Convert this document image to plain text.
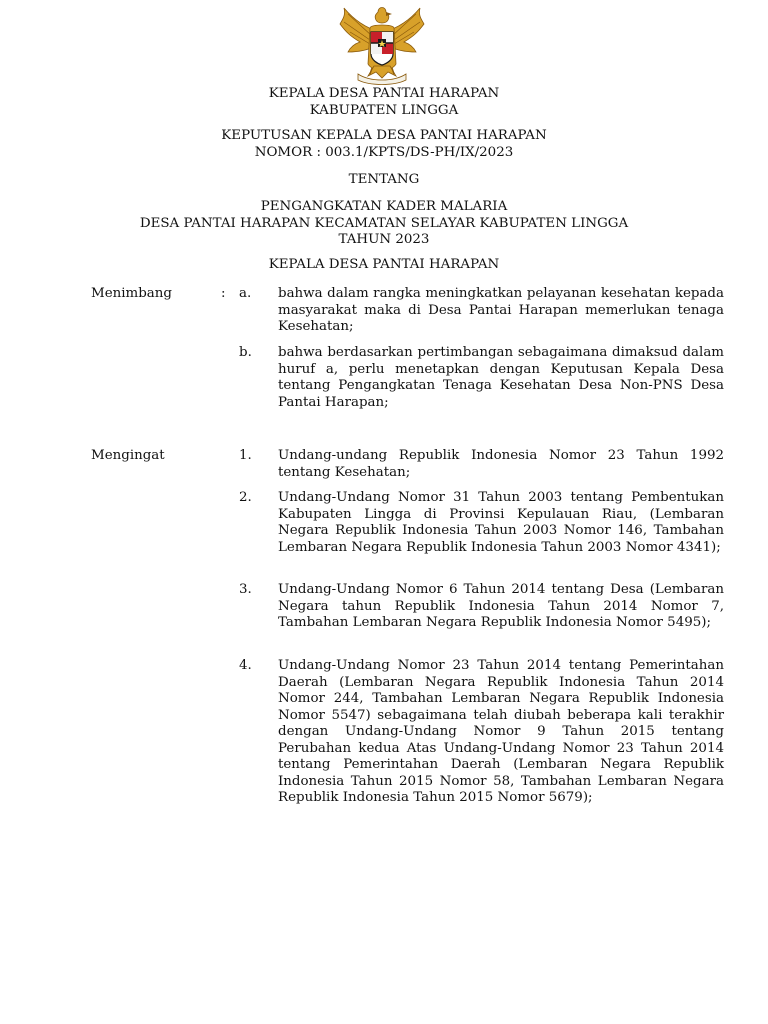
KEPALA DESA PANTAI HARAPAN
KABUPATEN LINGGA
KEPUTUSAN KEPALA DESA PANTAI HARAPAN
NOMOR : 003.1/KPTS/DS-PH/IX/2023
TENTANG
PENGANGKATAN KADER MALARIA
DESA PANTAI HARAPAN KECAMATAN SELAYAR KABUPATEN LINGGA
TAHUN 2023
KEPALA DESA PANTAI HARAPAN
Menimbang	: a. bahwa dalam rangka meningkatkan pelayanan kesehatan kepada masyarakat maka di Desa Pantai Harapan memerlukan tenaga Kesehatan;
b. bahwa berdasarkan pertimbangan sebagaimana dimaksud dalam huruf a, perlu menetapkan dengan Keputusan Kepala Desa tentang Pengangkatan Tenaga Kesehatan Desa Non-PNS Desa Pantai Harapan;
Mengingat	1. Undang-undang Republik Indonesia Nomor 23 Tahun 1992 tentang Kesehatan;
2. Undang-Undang Nomor 31 Tahun 2003 tentang Pembentukan Kabupaten Lingga di Provinsi Kepulauan Riau, (Lembaran Negara Republik Indonesia Tahun 2003 Nomor 146, Tambahan Lembaran Negara Republik Indonesia Tahun 2003 Nomor 4341);
3. Undang-Undang Nomor 6 Tahun 2014 tentang Desa (Lembaran Negara tahun Republik Indonesia Tahun 2014 Nomor 7, Tambahan Lembaran Negara Republik Indonesia Nomor 5495);
4. Undang-Undang Nomor 23 Tahun 2014 tentang Pemerintahan Daerah (Lembaran Negara Republik Indonesia Tahun 2014 Nomor 244, Tambahan Lembaran Negara Republik Indonesia Nomor 5547) sebagaimana telah diubah beberapa kali terakhir dengan Undang-Undang Nomor 9 Tahun 2015 tentang Perubahan kedua Atas Undang-Undang Nomor 23 Tahun 2014 tentang Pemerintahan Daerah (Lembaran Negara Republik Indonesia Tahun 2015 Nomor 58, Tambahan Lembaran Negara Republik Indonesia Tahun 2015 Nomor 5679);
